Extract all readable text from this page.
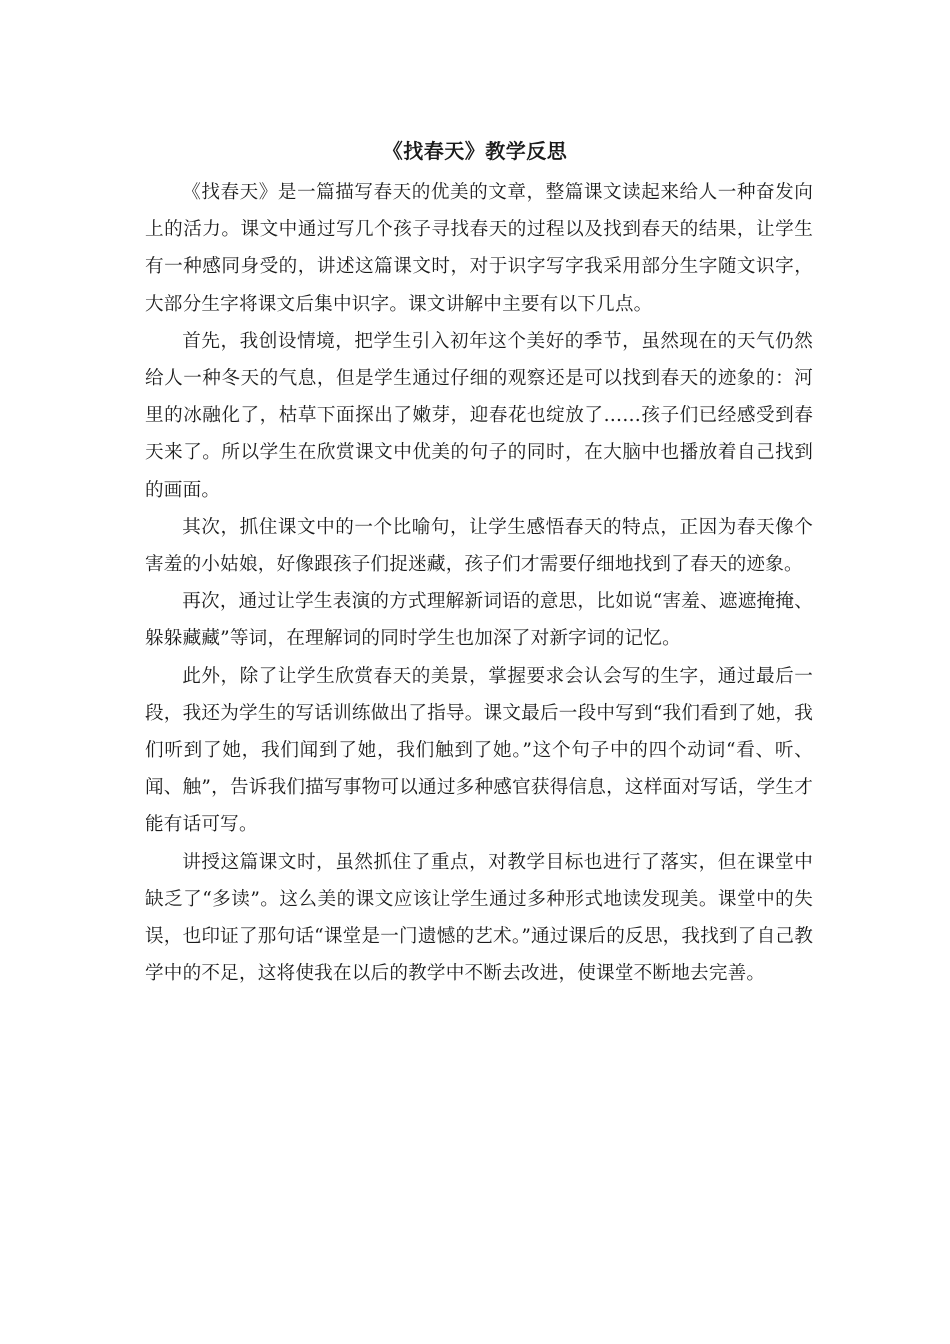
《找春天》教学反思

《找春天》是一篇描写春天的优美的文章，整篇课文读起来给人一种奋发向上的活力。课文中通过写几个孩子寻找春天的过程以及找到春天的结果，让学生有一种感同身受的，讲述这篇课文时，对于识字写字我采用部分生字随文识字，大部分生字将课文后集中识字。课文讲解中主要有以下几点。

首先，我创设情境，把学生引入初年这个美好的季节，虽然现在的天气仍然给人一种冬天的气息，但是学生通过仔细的观察还是可以找到春天的迹象的：河里的冰融化了，枯草下面探出了嫩芽，迎春花也绽放了……孩子们已经感受到春天来了。所以学生在欣赏课文中优美的句子的同时，在大脑中也播放着自己找到的画面。

其次，抓住课文中的一个比喻句，让学生感悟春天的特点，正因为春天像个害羞的小姑娘，好像跟孩子们捉迷藏，孩子们才需要仔细地找到了春天的迹象。

再次，通过让学生表演的方式理解新词语的意思，比如说“害羞、遮遮掩掩、躲躲藏藏”等词，在理解词的同时学生也加深了对新字词的记忆。

此外，除了让学生欣赏春天的美景，掌握要求会认会写的生字，通过最后一段，我还为学生的写话训练做出了指导。课文最后一段中写到“我们看到了她，我们听到了她，我们闻到了她，我们触到了她。”这个句子中的四个动词“看、听、闻、触”，告诉我们描写事物可以通过多种感官获得信息，这样面对写话，学生才能有话可写。

讲授这篇课文时，虽然抓住了重点，对教学目标也进行了落实，但在课堂中缺乏了“多读”。这么美的课文应该让学生通过多种形式地读发现美。课堂中的失误，也印证了那句话“课堂是一门遗憾的艺术。”通过课后的反思，我找到了自己教学中的不足，这将使我在以后的教学中不断去改进，使课堂不断地去完善。
